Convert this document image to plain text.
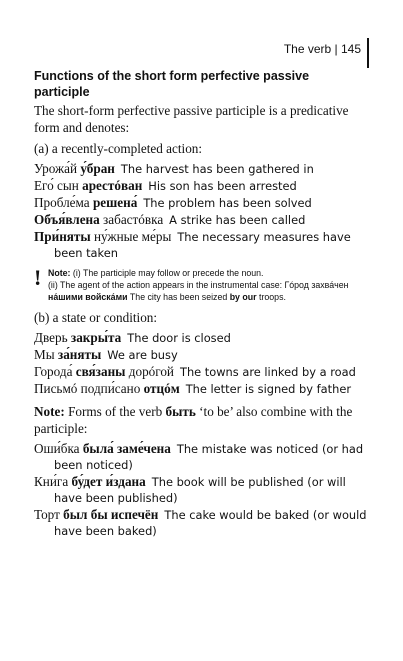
The verb | 145
Functions of the short form perfective passive participle

The short-form perfective passive participle is a predicative form and denotes:

(a) a recently-completed action:

Урожа́й у́бран The harvest has been gathered in
Его́ сын арестóван His son has been arrested
Пробле́ма решена́ The problem has been solved
Объя́влена забастóвка A strike has been called
При́няты ну́жные ме́ры The necessary measures have been taken
! Note: (i) The participle may follow or precede the noun.
(ii) The agent of the action appears in the instrumental case: Гóрод захва́чен на́шими войска́ми The city has been seized by our troops.

(b) a state or condition:

Дверь закры́та The door is closed
Мы за́няты We are busy
Города́ свя́заны дорóгой The towns are linked by a road
Письмó подпи́сано отцóм The letter is signed by father

Note: Forms of the verb быть ‘to be’ also combine with the participle:

Оши́бка была́ заме́чена The mistake was noticed (or had been noticed)
Кни́га бу́дет и́здана The book will be published (or will have been published)
Торт был бы испечён The cake would be baked (or would have been baked)
